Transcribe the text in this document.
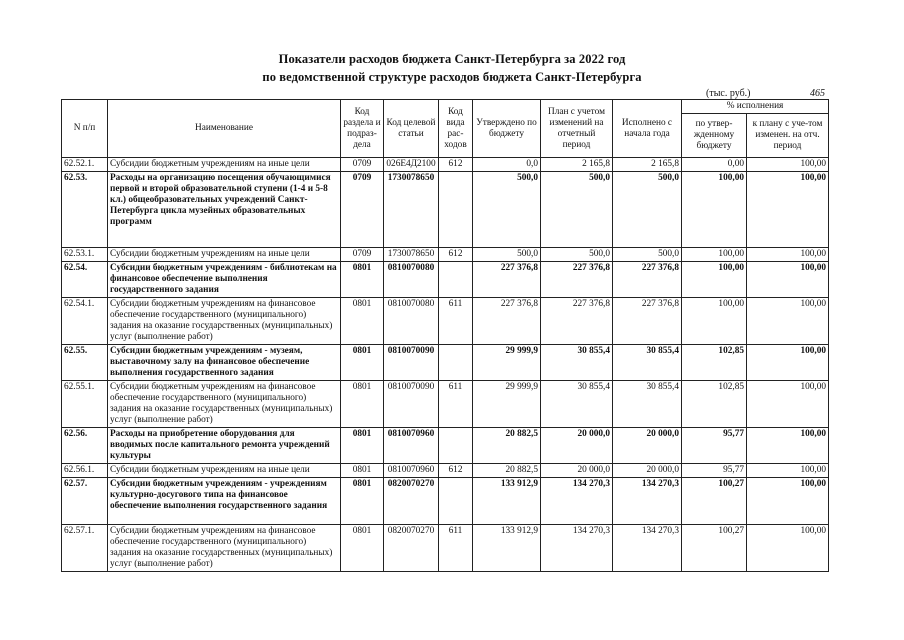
Показатели расходов бюджета Санкт-Петербурга за 2022 год
по ведомственной структуре расходов бюджета Санкт-Петербурга
(тыс. руб.)	465
N п/п	Наименование	Код раздела и подраз-дела	Код целевой статьи	Код вида рас-ходов	Утверждено по бюджету	План с учетом изменений на отчетный период	Исполнено с начала года	% исполнения	
								по утвер-жденному бюджету	к плану с уче-том изменен. на отч. период
62.52.1.	Субсидии бюджетным учреждениям на иные цели	0709	026Е4Д2100	612	0,0	2 165,8	2 165,8	0,00	100,00
62.53.	Расходы на организацию посещения обучающимися первой и второй образовательной ступени (1-4 и 5-8 кл.) общеобразовательных учреждений Санкт-Петербурга цикла музейных образовательных программ	0709	1730078650		500,0	500,0	500,0	100,00	100,00
62.53.1.	Субсидии бюджетным учреждениям на иные цели	0709	1730078650	612	500,0	500,0	500,0	100,00	100,00
62.54.	Субсидии бюджетным учреждениям - библиотекам на финансовое обеспечение выполнения государственного задания	0801	0810070080		227 376,8	227 376,8	227 376,8	100,00	100,00
62.54.1.	Субсидии бюджетным учреждениям на финансовое обеспечение государственного (муниципального) задания на оказание государственных (муниципальных) услуг (выполнение работ)	0801	0810070080	611	227 376,8	227 376,8	227 376,8	100,00	100,00
62.55.	Субсидии бюджетным учреждениям - музеям, выставочному залу на финансовое обеспечение выполнения государственного задания	0801	0810070090		29 999,9	30 855,4	30 855,4	102,85	100,00
62.55.1.	Субсидии бюджетным учреждениям на финансовое обеспечение государственного (муниципального) задания на оказание государственных (муниципальных) услуг (выполнение работ)	0801	0810070090	611	29 999,9	30 855,4	30 855,4	102,85	100,00
62.56.	Расходы на приобретение оборудования для вводимых после капитального ремонта учреждений культуры	0801	0810070960		20 882,5	20 000,0	20 000,0	95,77	100,00
62.56.1.	Субсидии бюджетным учреждениям на иные цели	0801	0810070960	612	20 882,5	20 000,0	20 000,0	95,77	100,00
62.57.	Субсидии бюджетным учреждениям - учреждениям культурно-досугового типа на финансовое обеспечение выполнения государственного задания	0801	0820070270		133 912,9	134 270,3	134 270,3	100,27	100,00
62.57.1.	Субсидии бюджетным учреждениям на финансовое обеспечение государственного (муниципального) задания на оказание государственных (муниципальных) услуг (выполнение работ)	0801	0820070270	611	133 912,9	134 270,3	134 270,3	100,27	100,00
